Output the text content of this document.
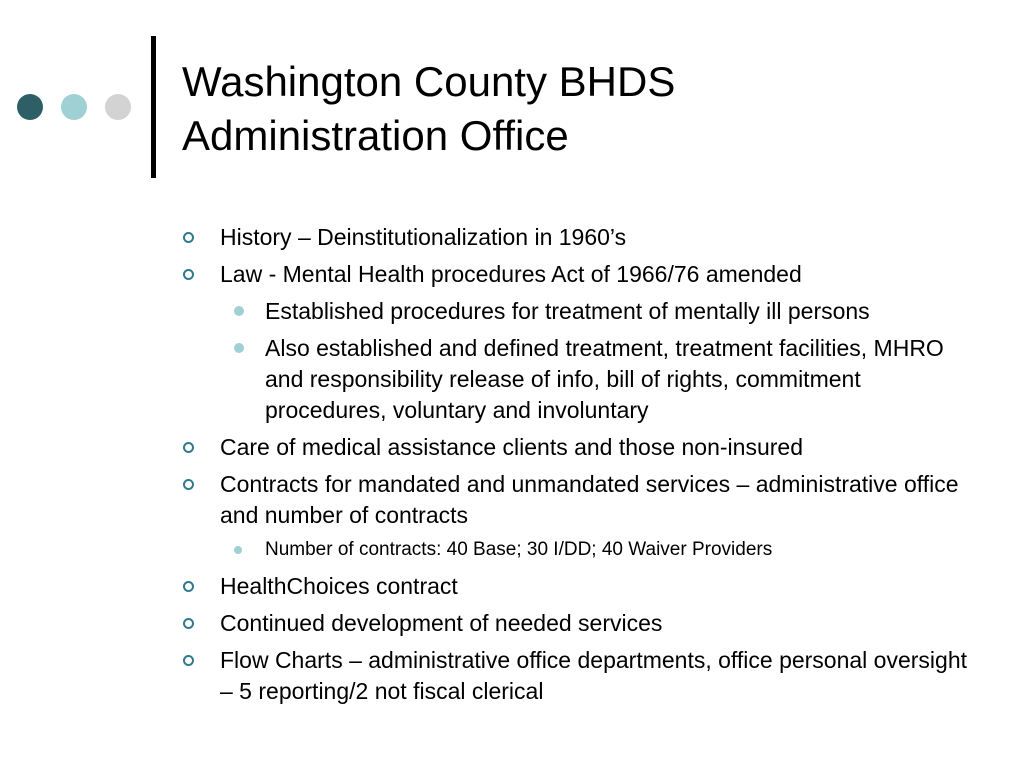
Washington County BHDS
Administration Office
History – Deinstitutionalization in 1960’s
Law - Mental Health procedures Act of 1966/76 amended
Established procedures for treatment of mentally ill persons
Also established and defined treatment, treatment facilities, MHRO and responsibility release of info, bill of rights, commitment procedures, voluntary and involuntary
Care of medical assistance clients and those non-insured
Contracts for mandated and unmandated services – administrative office and number of contracts
Number of contracts: 40 Base; 30 I/DD; 40 Waiver Providers
HealthChoices contract
Continued development of needed services
Flow Charts – administrative office departments, office personal oversight – 5 reporting/2 not fiscal clerical
